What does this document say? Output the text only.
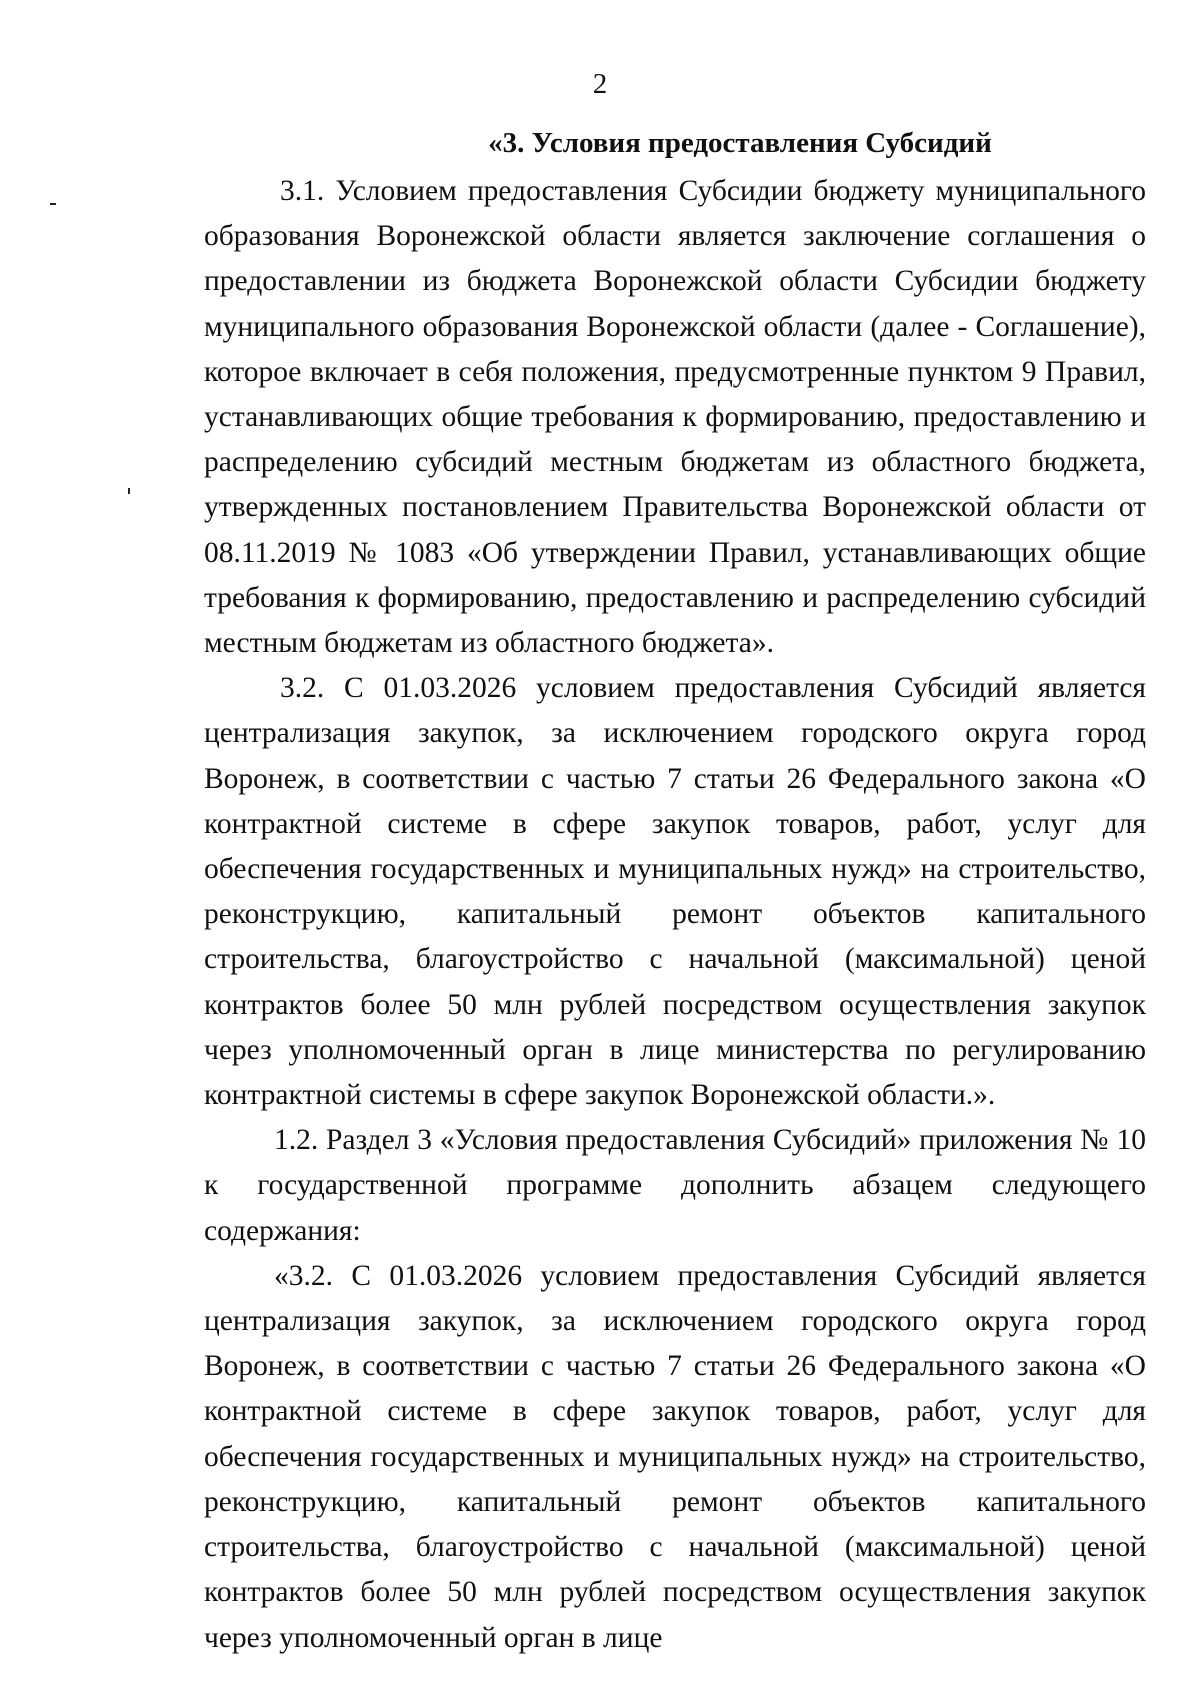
2
«3. Условия предоставления Субсидий

3.1. Условием предоставления Субсидии бюджету муниципального образования Воронежской области является заключение соглашения о предоставлении из бюджета Воронежской области Субсидии бюджету муниципального образования Воронежской области (далее - Соглашение), которое включает в себя положения, предусмотренные пунктом 9 Правил, устанавливающих общие требования к формированию, предоставлению и распределению субсидий местным бюджетам из областного бюджета, утвержденных постановлением Правительства Воронежской области от 08.11.2019 № 1083 «Об утверждении Правил, устанавливающих общие требования к формированию, предоставлению и распределению субсидий местным бюджетам из областного бюджета».

3.2. С 01.03.2026 условием предоставления Субсидий является централизация закупок, за исключением городского округа город Воронеж, в соответствии с частью 7 статьи 26 Федерального закона «О контрактной системе в сфере закупок товаров, работ, услуг для обеспечения государственных и муниципальных нужд» на строительство, реконструкцию, капитальный ремонт объектов капитального строительства, благоустройство с начальной (максимальной) ценой контрактов более 50 млн рублей посредством осуществления закупок через уполномоченный орган в лице министерства по регулированию контрактной системы в сфере закупок Воронежской области.».

1.2. Раздел 3 «Условия предоставления Субсидий» приложения № 10 к государственной программе дополнить абзацем следующего содержания:

«3.2. С 01.03.2026 условием предоставления Субсидий является централизация закупок, за исключением городского округа город Воронеж, в соответствии с частью 7 статьи 26 Федерального закона «О контрактной системе в сфере закупок товаров, работ, услуг для обеспечения государственных и муниципальных нужд» на строительство, реконструкцию, капитальный ремонт объектов капитального строительства, благоустройство с начальной (максимальной) ценой контрактов более 50 млн рублей посредством осуществления закупок через уполномоченный орган в лице
